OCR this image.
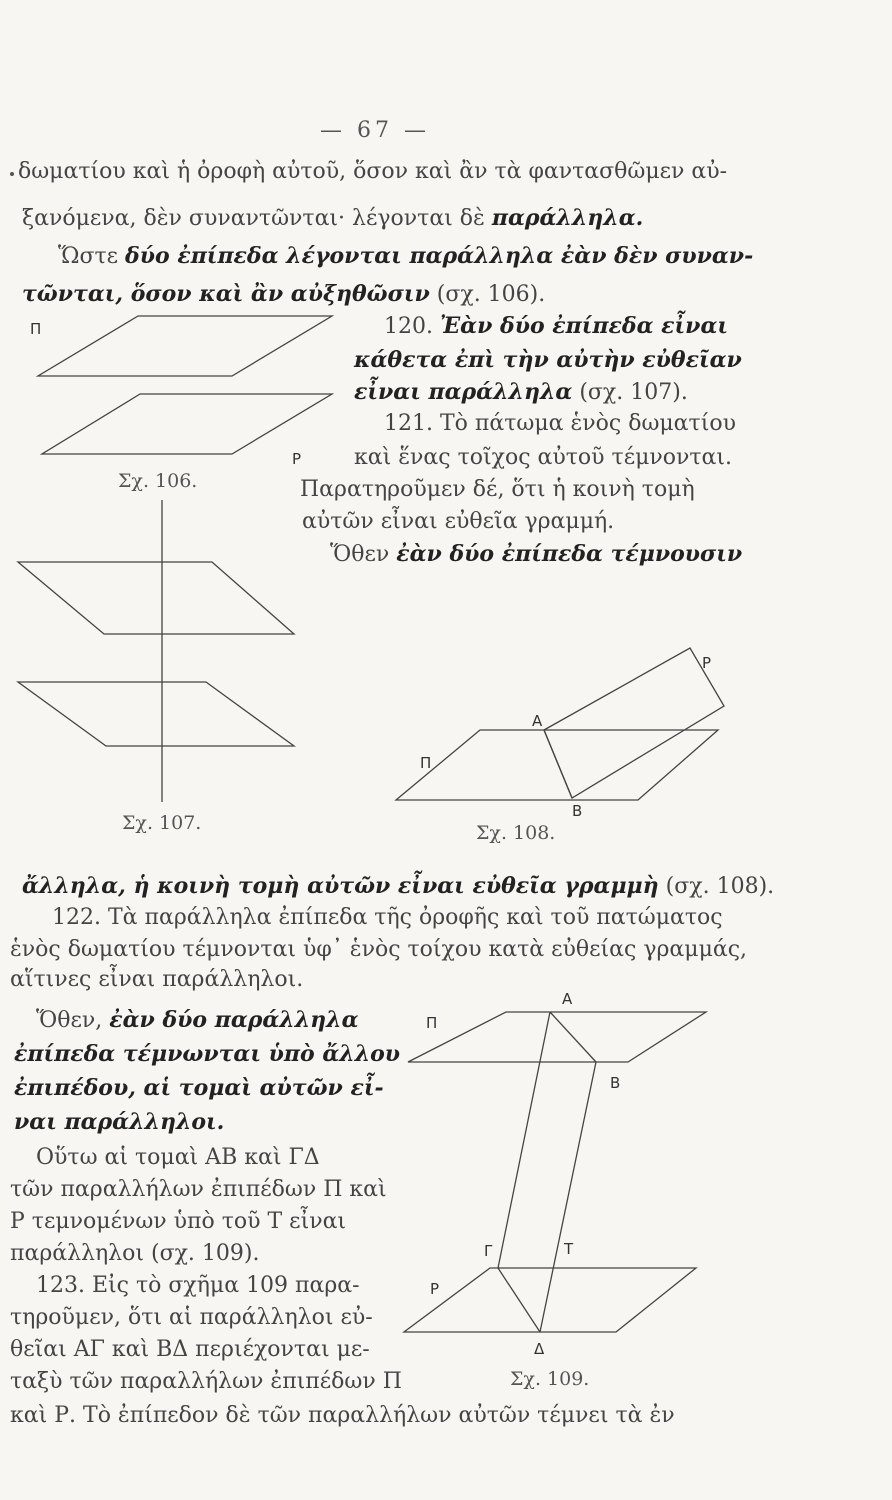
— 67 —
δωματίου καὶ ἡ ὀροφὴ αὐτοῦ, ὅσον καὶ ἂν τὰ φαντασθῶμεν αὐ-
ξανόμενα, δὲν συναντῶνται· λέγονται δὲ παράλληλα.
Ὥστε δύο ἐπίπεδα λέγονται παράλληλα ἐὰν δὲν συναν-
τῶνται, ὅσον καὶ ἂν αὐξηθῶσιν (σχ. 106).
120. Ἐὰν δύο ἐπίπεδα εἶναι
κάθετα ἐπὶ τὴν αὐτὴν εὐθεῖαν
εἶναι παράλληλα (σχ. 107).
121. Τὸ πάτωμα ἑνὸς δωματίου
καὶ ἕνας τοῖχος αὐτοῦ τέμνονται.
Παρατηροῦμεν δέ, ὅτι ἡ κοινὴ τομὴ
αὐτῶν εἶναι εὐθεῖα γραμμή.
Ὅθεν ἐὰν δύο ἐπίπεδα τέμνουσιν
Π
Ρ
Σχ. 106.
Σχ. 107.
Π
Ρ
Α
Β
Σχ. 108.
ἄλληλα, ἡ κοινὴ τομὴ αὐτῶν εἶναι εὐθεῖα γραμμὴ (σχ. 108).
122. Τὰ παράλληλα ἐπίπεδα τῆς ὀροφῆς καὶ τοῦ πατώματος
ἑνὸς δωματίου τέμνονται ὑφ᾽ ἑνὸς τοίχου κατὰ εὐθείας γραμμάς,
αἵτινες εἶναι παράλληλοι.
Ὅθεν, ἐὰν δύο παράλληλα
ἐπίπεδα τέμνωνται ὑπὸ ἄλλου
ἐπιπέδου, αἱ τομαὶ αὐτῶν εἶ-
ναι παράλληλοι.
Οὕτω αἱ τομαὶ ΑΒ καὶ ΓΔ
τῶν παραλλήλων ἐπιπέδων Π καὶ
Ρ τεμνομένων ὑπὸ τοῦ Τ εἶναι
παράλληλοι (σχ. 109).
123. Εἰς τὸ σχῆμα 109 παρα-
τηροῦμεν, ὅτι αἱ παράλληλοι εὐ-
θεῖαι ΑΓ καὶ ΒΔ περιέχονται με-
ταξὺ τῶν παραλλήλων ἐπιπέδων Π
καὶ Ρ. Τὸ ἐπίπεδον δὲ τῶν παραλλήλων αὐτῶν τέμνει τὰ ἐν
Π
Ρ
Α
Β
Γ
Δ
Τ
Σχ. 109.
